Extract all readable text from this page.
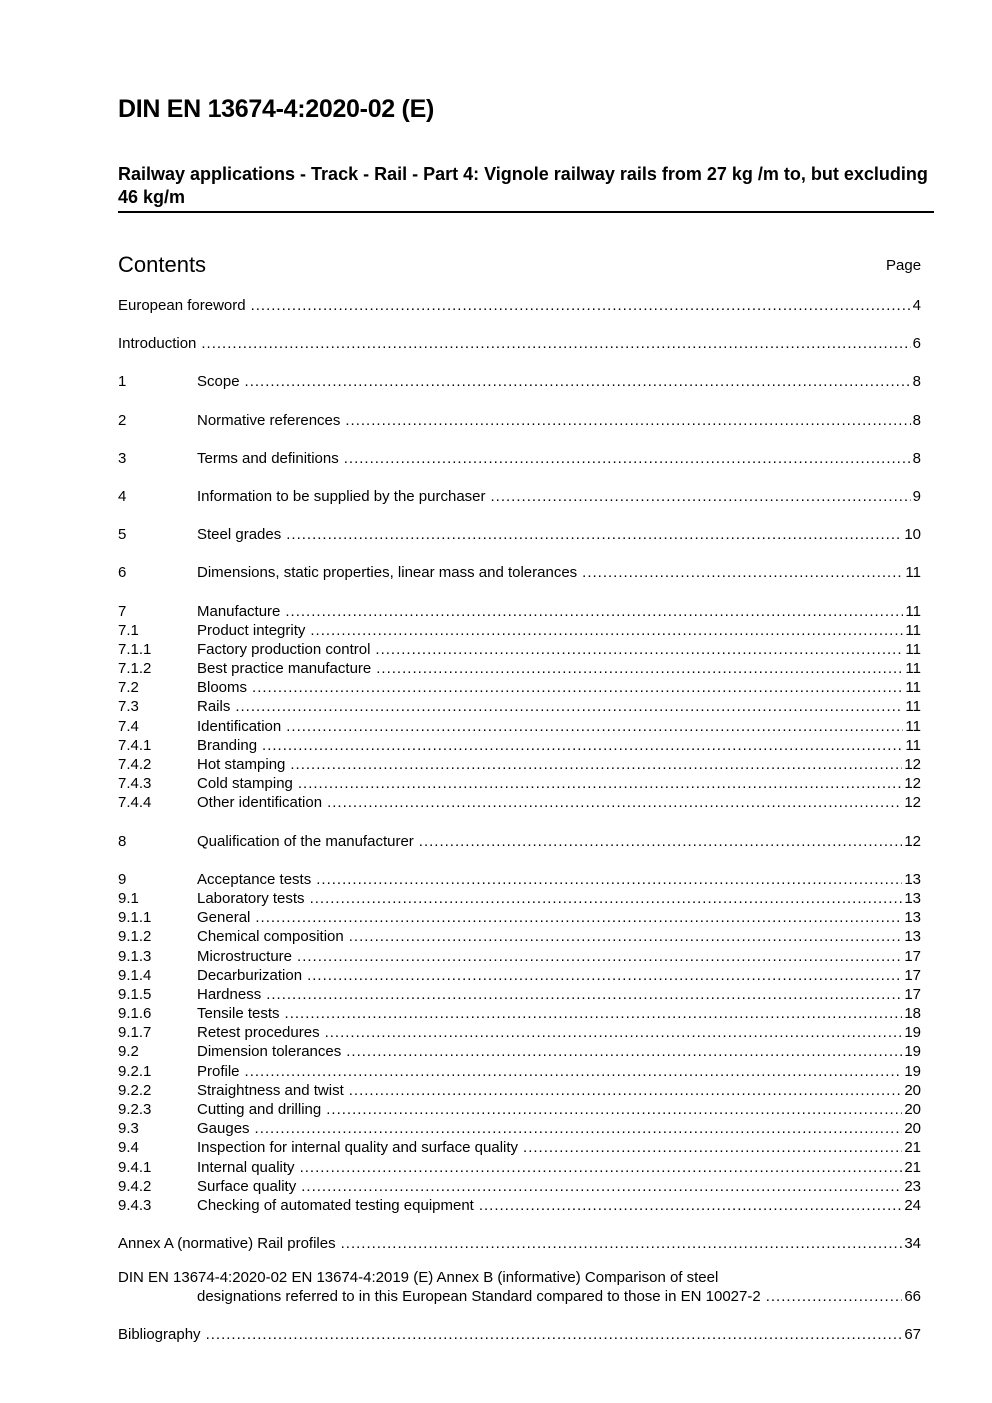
DIN EN 13674-4:2020-02 (E)
Railway applications - Track - Rail - Part 4: Vignole railway rails from 27 kg /m to, but excluding 46 kg/m
Contents	Page
European foreword .....	4
Introduction .....	6
1	Scope .....	8
2	Normative references .....	8
3	Terms and definitions .....	8
4	Information to be supplied by the purchaser .....	9
5	Steel grades .....	10
6	Dimensions, static properties, linear mass and tolerances .....	11
7	Manufacture .....	11
7.1	Product integrity .....	11
7.1.1	Factory production control .....	11
7.1.2	Best practice manufacture .....	11
7.2	Blooms .....	11
7.3	Rails .....	11
7.4	Identification .....	11
7.4.1	Branding .....	11
7.4.2	Hot stamping .....	12
7.4.3	Cold stamping .....	12
7.4.4	Other identification .....	12
8	Qualification of the manufacturer .....	12
9	Acceptance tests .....	13
9.1	Laboratory tests .....	13
9.1.1	General .....	13
9.1.2	Chemical composition .....	13
9.1.3	Microstructure .....	17
9.1.4	Decarburization .....	17
9.1.5	Hardness .....	17
9.1.6	Tensile tests .....	18
9.1.7	Retest procedures .....	19
9.2	Dimension tolerances .....	19
9.2.1	Profile .....	19
9.2.2	Straightness and twist .....	20
9.2.3	Cutting and drilling .....	20
9.3	Gauges .....	20
9.4	Inspection for internal quality and surface quality .....	21
9.4.1	Internal quality .....	21
9.4.2	Surface quality .....	23
9.4.3	Checking of automated testing equipment .....	24
Annex A (normative) Rail profiles .....	34
DIN EN 13674-4:2020-02 EN 13674-4:2019 (E) Annex B (informative) Comparison of steel
designations referred to in this European Standard compared to those in EN 10027-2 .....	66
Bibliography .....	67
